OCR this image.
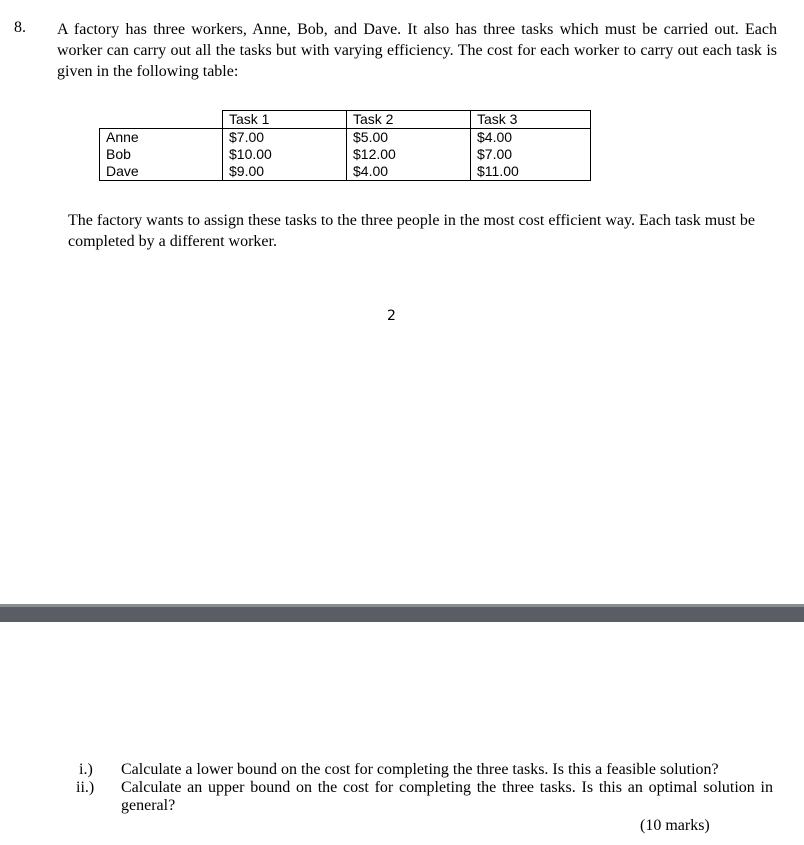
8. A factory has three workers, Anne, Bob, and Dave. It also has three tasks which must be carried out. Each worker can carry out all the tasks but with varying efficiency. The cost for each worker to carry out each task is given in the following table:
	Task 1	Task 2	Task 3
Anne	$7.00	$5.00	$4.00
Bob	$10.00	$12.00	$7.00
Dave	$9.00	$4.00	$11.00
The factory wants to assign these tasks to the three people in the most cost efficient way. Each task must be completed by a different worker.
2
i.) Calculate a lower bound on the cost for completing the three tasks. Is this a feasible solution?
ii.) Calculate an upper bound on the cost for completing the three tasks. Is this an optimal solution in general?
(10 marks)
